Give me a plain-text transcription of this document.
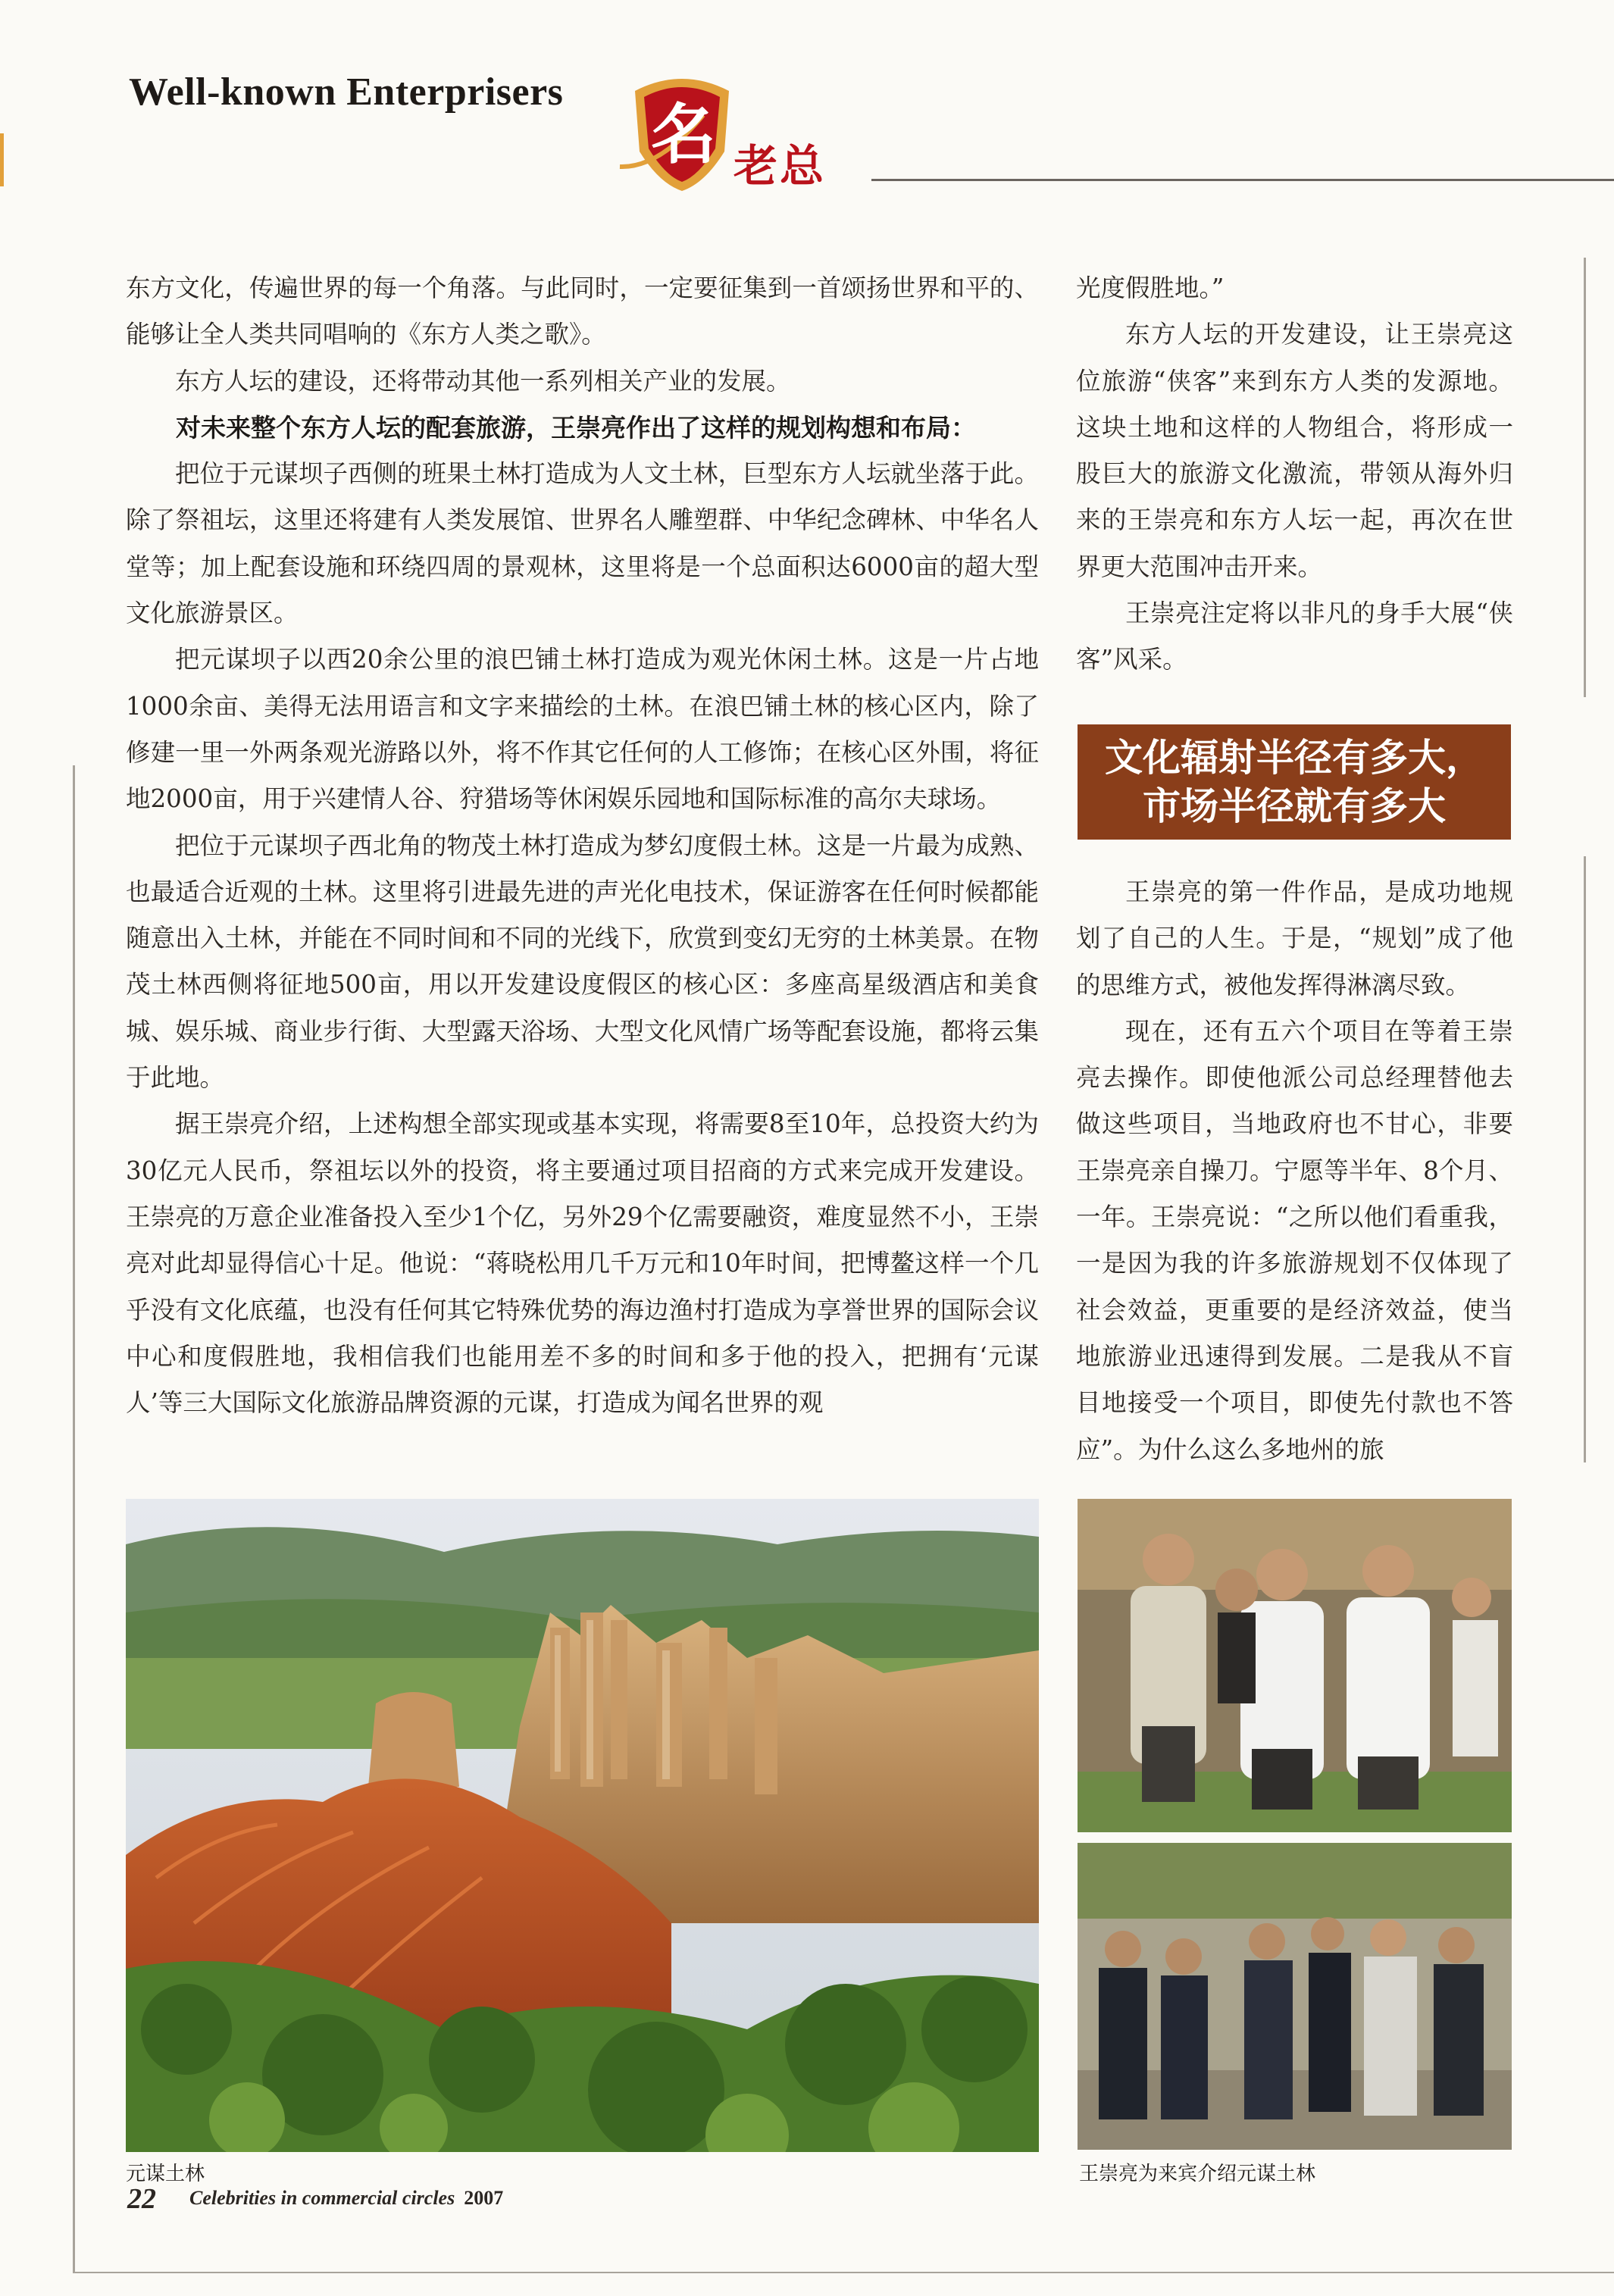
Well-known Enterprisers
名 老总

东方文化，传遍世界的每一个角落。与此同时，一定要征集到一首颂扬世界和平的、能够让全人类共同唱响的《东方人类之歌》。

东方人坛的建设，还将带动其他一系列相关产业的发展。

对未来整个东方人坛的配套旅游，王崇亮作出了这样的规划构想和布局：

把位于元谋坝子西侧的班果土林打造成为人文土林，巨型东方人坛就坐落于此。除了祭祖坛，这里还将建有人类发展馆、世界名人雕塑群、中华纪念碑林、中华名人堂等；加上配套设施和环绕四周的景观林，这里将是一个总面积达6000亩的超大型文化旅游景区。

把元谋坝子以西20余公里的浪巴铺土林打造成为观光休闲土林。这是一片占地1000余亩、美得无法用语言和文字来描绘的土林。在浪巴铺土林的核心区内，除了修建一里一外两条观光游路以外，将不作其它任何的人工修饰；在核心区外围，将征地2000亩，用于兴建情人谷、狩猎场等休闲娱乐园地和国际标准的高尔夫球场。

把位于元谋坝子西北角的物茂土林打造成为梦幻度假土林。这是一片最为成熟、也最适合近观的土林。这里将引进最先进的声光化电技术，保证游客在任何时候都能随意出入土林，并能在不同时间和不同的光线下，欣赏到变幻无穷的土林美景。在物茂土林西侧将征地500亩，用以开发建设度假区的核心区：多座高星级酒店和美食城、娱乐城、商业步行街、大型露天浴场、大型文化风情广场等配套设施，都将云集于此地。

据王崇亮介绍，上述构想全部实现或基本实现，将需要8至10年，总投资大约为30亿元人民币，祭祖坛以外的投资，将主要通过项目招商的方式来完成开发建设。王崇亮的万意企业准备投入至少1个亿，另外29个亿需要融资，难度显然不小，王崇亮对此却显得信心十足。他说：“蒋晓松用几千万元和10年时间，把博鳌这样一个几乎没有文化底蕴，也没有任何其它特殊优势的海边渔村打造成为享誉世界的国际会议中心和度假胜地，我相信我们也能用差不多的时间和多于他的投入，把拥有‘元谋人’等三大国际文化旅游品牌资源的元谋，打造成为闻名世界的观

光度假胜地。”

东方人坛的开发建设，让王崇亮这位旅游“侠客”来到东方人类的发源地。这块土地和这样的人物组合，将形成一股巨大的旅游文化激流，带领从海外归来的王崇亮和东方人坛一起，再次在世界更大范围冲击开来。

王崇亮注定将以非凡的身手大展“侠客”风采。

文化辐射半径有多大，
市场半径就有多大

王崇亮的第一件作品，是成功地规划了自己的人生。于是，“规划”成了他的思维方式，被他发挥得淋漓尽致。

现在，还有五六个项目在等着王崇亮去操作。即使他派公司总经理替他去做这些项目，当地政府也不甘心，非要王崇亮亲自操刀。宁愿等半年、8个月、一年。王崇亮说：“之所以他们看重我，一是因为我的许多旅游规划不仅体现了社会效益，更重要的是经济效益，使当地旅游业迅速得到发展。二是我从不盲目地接受一个项目，即使先付款也不答应”。为什么这么多地州的旅

元谋土林	王崇亮为来宾介绍元谋土林
22 Celebrities in commercial circles 2007
